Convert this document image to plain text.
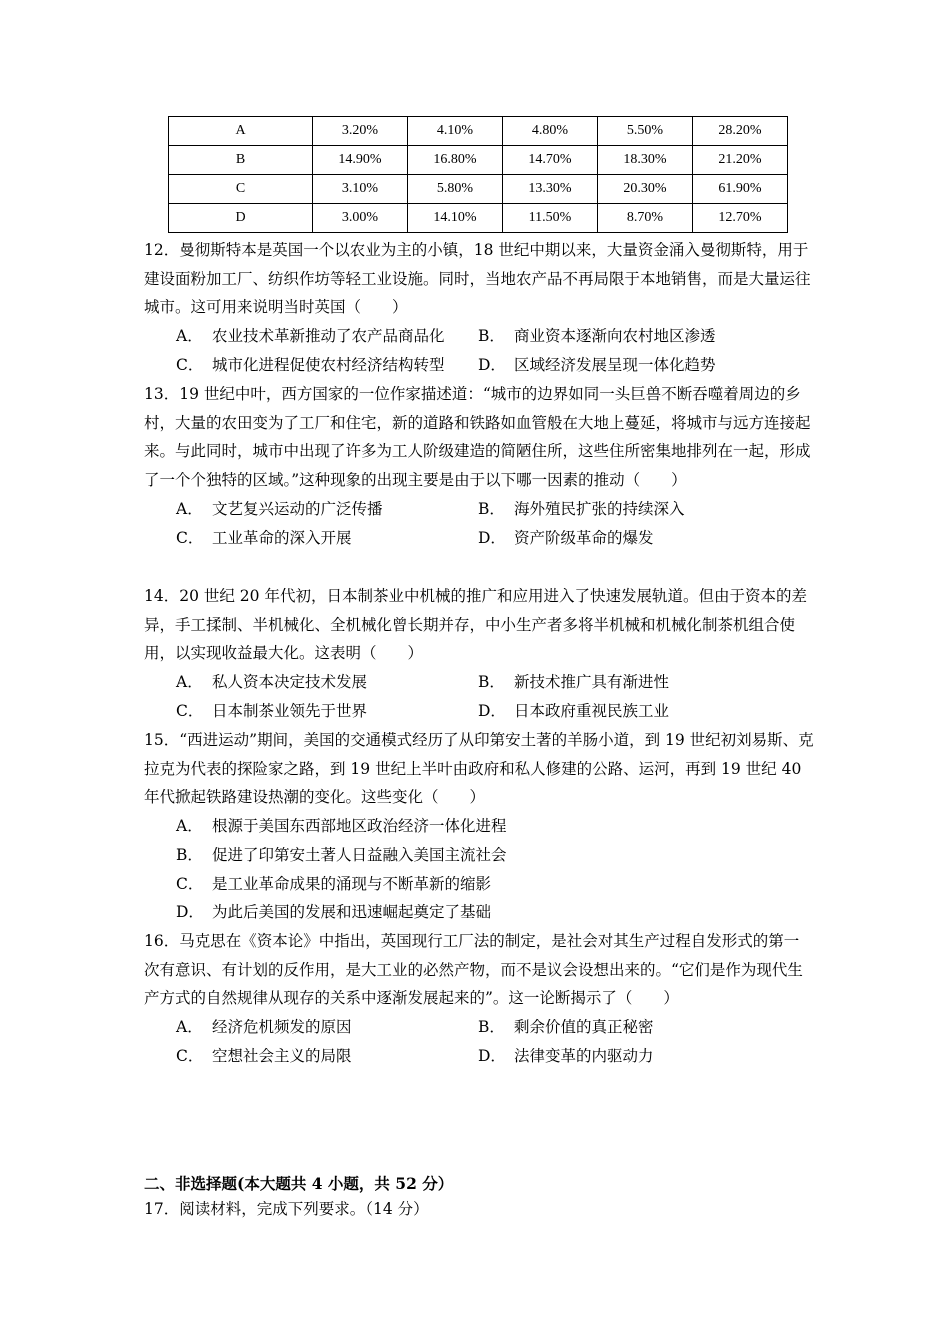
A	3.20%	4.10%	4.80%	5.50%	28.20%
B	14.90%	16.80%	14.70%	18.30%	21.20%
C	3.10%	5.80%	13.30%	20.30%	61.90%
D	3.00%	14.10%	11.50%	8.70%	12.70%
12．曼彻斯特本是英国一个以农业为主的小镇，18 世纪中期以来，大量资金涌入曼彻斯特，用于建设面粉加工厂、纺织作坊等轻工业设施。同时，当地农产品不再局限于本地销售，而是大量运往城市。这可用来说明当时英国（　　）
A． 农业技术革新推动了农产品商品化	B． 商业资本逐渐向农村地区渗透
C． 城市化进程促使农村经济结构转型	D． 区域经济发展呈现一体化趋势
13．19 世纪中叶，西方国家的一位作家描述道：“城市的边界如同一头巨兽不断吞噬着周边的乡村，大量的农田变为了工厂和住宅，新的道路和铁路如血管般在大地上蔓延，将城市与远方连接起来。与此同时，城市中出现了许多为工人阶级建造的简陋住所，这些住所密集地排列在一起，形成了一个个独特的区域。”这种现象的出现主要是由于以下哪一因素的推动（　　）
A． 文艺复兴运动的广泛传播	B． 海外殖民扩张的持续深入
C． 工业革命的深入开展	D． 资产阶级革命的爆发
14．20 世纪 20 年代初，日本制茶业中机械的推广和应用进入了快速发展轨道。但由于资本的差异，手工揉制、半机械化、全机械化曾长期并存，中小生产者多将半机械和机械化制茶机组合使用，以实现收益最大化。这表明（　　）
A． 私人资本决定技术发展	B． 新技术推广具有渐进性
C． 日本制茶业领先于世界	D． 日本政府重视民族工业
15．“西进运动”期间，美国的交通模式经历了从印第安土著的羊肠小道，到 19 世纪初刘易斯、克拉克为代表的探险家之路，到 19 世纪上半叶由政府和私人修建的公路、运河，再到 19 世纪 40 年代掀起铁路建设热潮的变化。这些变化（　　）
A． 根源于美国东西部地区政治经济一体化进程
B． 促进了印第安土著人日益融入美国主流社会
C． 是工业革命成果的涌现与不断革新的缩影
D． 为此后美国的发展和迅速崛起奠定了基础
16．马克思在《资本论》中指出，英国现行工厂法的制定，是社会对其生产过程自发形式的第一次有意识、有计划的反作用，是大工业的必然产物，而不是议会设想出来的。“它们是作为现代生产方式的自然规律从现存的关系中逐渐发展起来的”。这一论断揭示了（　　）
A． 经济危机频发的原因	B． 剩余价值的真正秘密
C． 空想社会主义的局限	D． 法律变革的内驱动力
二、非选择题(本大题共 4 小题，共 52 分）
17．阅读材料，完成下列要求。（14 分）
